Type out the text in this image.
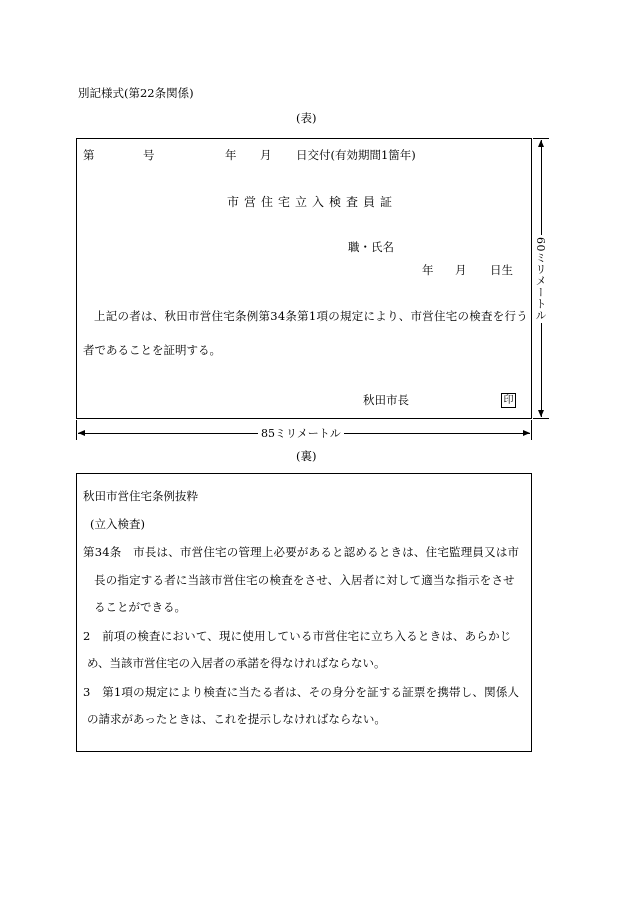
別記様式(第22条関係)
(表)
第	号	年 月 日交付(有効期間1箇年)
市営住宅立入検査員証
職・氏名
年 月 日生
上記の者は、秋田市営住宅条例第34条第1項の規定により、市営住宅の検査を行う
者であることを証明する。
秋田市長	印
60ミリメートル
85ミリメートル
(裏)
秋田市営住宅条例抜粋
(立入検査)
第34条　市長は、市営住宅の管理上必要があると認めるときは、住宅監理員又は市
長の指定する者に当該市営住宅の検査をさせ、入居者に対して適当な指示をさせ
ることができる。
2　前項の検査において、現に使用している市営住宅に立ち入るときは、あらかじ
め、当該市営住宅の入居者の承諾を得なければならない。
3　第1項の規定により検査に当たる者は、その身分を証する証票を携帯し、関係人
の請求があったときは、これを提示しなければならない。
